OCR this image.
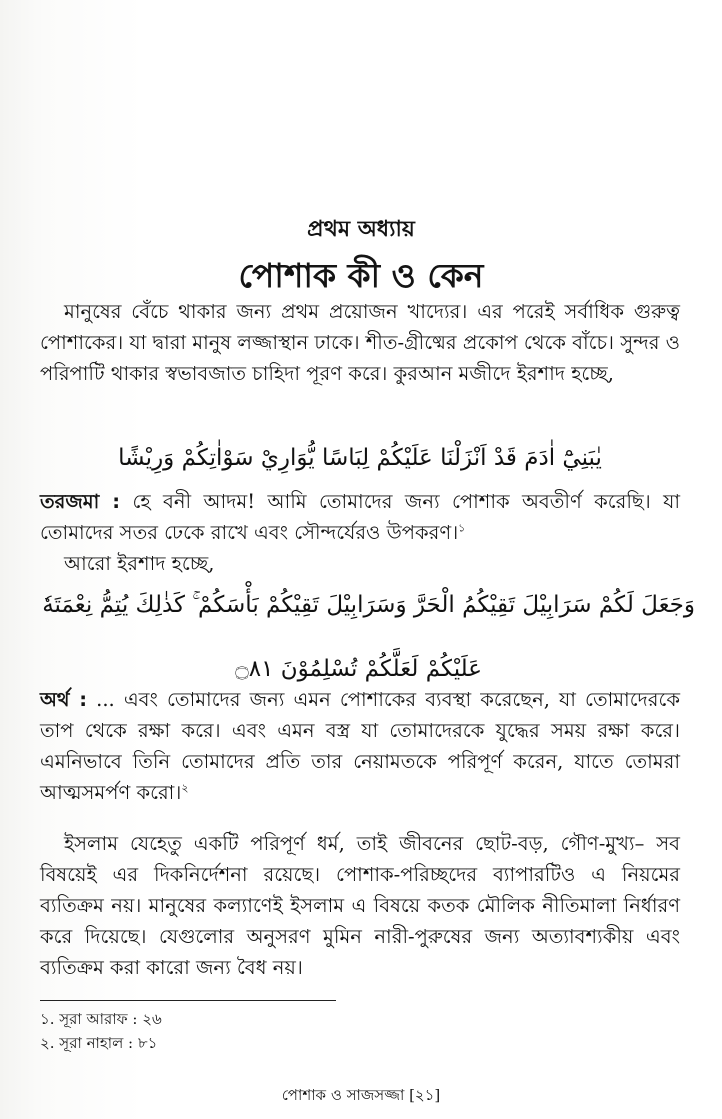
প্রথম অধ্যায়
পোশাক কী ও কেন

মানুষের বেঁচে থাকার জন্য প্রথম প্রয়োজন খাদ্যের। এর পরেই সর্বাধিক গুরুত্ব পোশাকের। যা দ্বারা মানুষ লজ্জাস্থান ঢাকে। শীত-গ্রীষ্মের প্রকোপ থেকে বাঁচে। সুন্দর ও পরিপাটি থাকার স্বভাবজাত চাহিদা পূরণ করে। কুরআন মজীদে ইরশাদ হচ্ছে,

يٰبَنِيْٓ اٰدَمَ قَدْ اَنْزَلْنَا عَلَيْكُمْ لِبَاسًا يُّوَارِيْ سَوْاٰتِكُمْ وَرِيْشًا

তরজমা : হে বনী আদম! আমি তোমাদের জন্য পোশাক অবতীর্ণ করেছি। যা তোমাদের সতর ঢেকে রাখে এবং সৌন্দর্যেরও উপকরণ।$^১$

আরো ইরশাদ হচ্ছে,
وَجَعَلَ لَكُمْ سَرَابِيْلَ تَقِيْكُمُ الْحَرَّ وَسَرَابِيْلَ تَقِيْكُمْ بَأْسَكُمْ ۚ كَذٰلِكَ يُتِمُّ نِعْمَتَهٗ
عَلَيْكُمْ لَعَلَّكُمْ تُسْلِمُوْنَ ۝٨١

অর্থ : ... এবং তোমাদের জন্য এমন পোশাকের ব্যবস্থা করেছেন, যা তোমাদেরকে তাপ থেকে রক্ষা করে। এবং এমন বস্ত্র যা তোমাদেরকে যুদ্ধের সময় রক্ষা করে। এমনিভাবে তিনি তোমাদের প্রতি তার নেয়ামতকে পরিপূর্ণ করেন, যাতে তোমরা আত্মসমর্পণ করো।$^২$

ইসলাম যেহেতু একটি পরিপূর্ণ ধর্ম, তাই জীবনের ছোট-বড়, গৌণ-মুখ্য– সব বিষয়েই এর দিকনির্দেশনা রয়েছে। পোশাক-পরিচ্ছদের ব্যাপারটিও এ নিয়মের ব্যতিক্রম নয়। মানুষের কল্যাণেই ইসলাম এ বিষয়ে কতক মৌলিক নীতিমালা নির্ধারণ করে দিয়েছে। যেগুলোর অনুসরণ মুমিন নারী-পুরুষের জন্য অত্যাবশ্যকীয় এবং ব্যতিক্রম করা কারো জন্য বৈধ নয়।

১. সূরা আরাফ : ২৬
২. সূরা নাহাল : ৮১
পোশাক ও সাজসজ্জা [২১]
